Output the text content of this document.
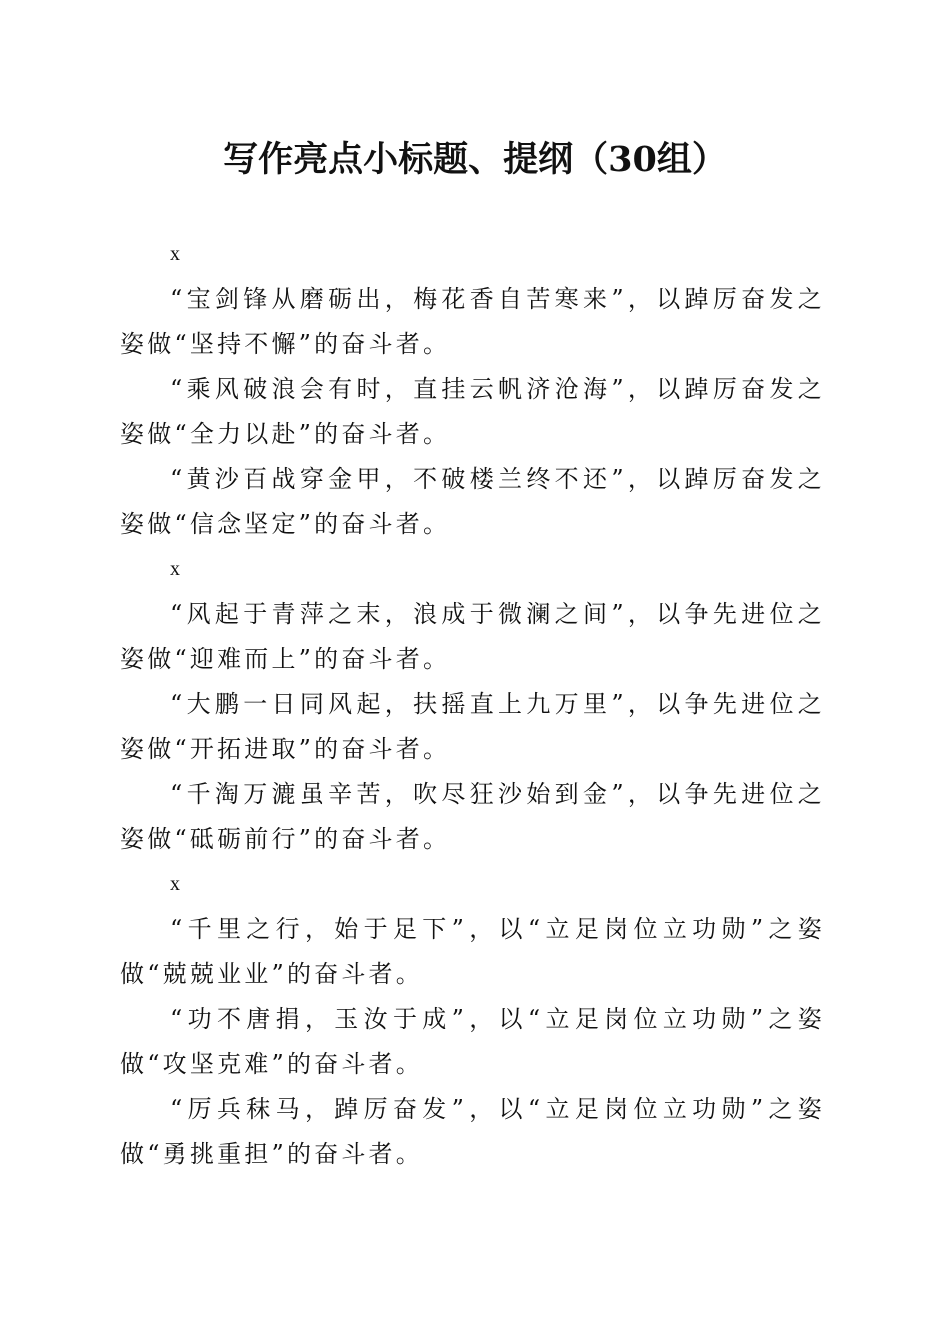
写作亮点小标题、提纲（30组）

x

“宝剑锋从磨砺出，梅花香自苦寒来”，以踔厉奋发之姿做“坚持不懈”的奋斗者。

“乘风破浪会有时，直挂云帆济沧海”，以踔厉奋发之姿做“全力以赴”的奋斗者。

“黄沙百战穿金甲，不破楼兰终不还”，以踔厉奋发之姿做“信念坚定”的奋斗者。

x

“风起于青萍之末，浪成于微澜之间”，以争先进位之姿做“迎难而上”的奋斗者。

“大鹏一日同风起，扶摇直上九万里”，以争先进位之姿做“开拓进取”的奋斗者。

“千淘万漉虽辛苦，吹尽狂沙始到金”，以争先进位之姿做“砥砺前行”的奋斗者。

x

“千里之行，始于足下”，以“立足岗位立功勋”之姿做“兢兢业业”的奋斗者。

“功不唐捐，玉汝于成”，以“立足岗位立功勋”之姿做“攻坚克难”的奋斗者。

“厉兵秣马，踔厉奋发”，以“立足岗位立功勋”之姿做“勇挑重担”的奋斗者。
